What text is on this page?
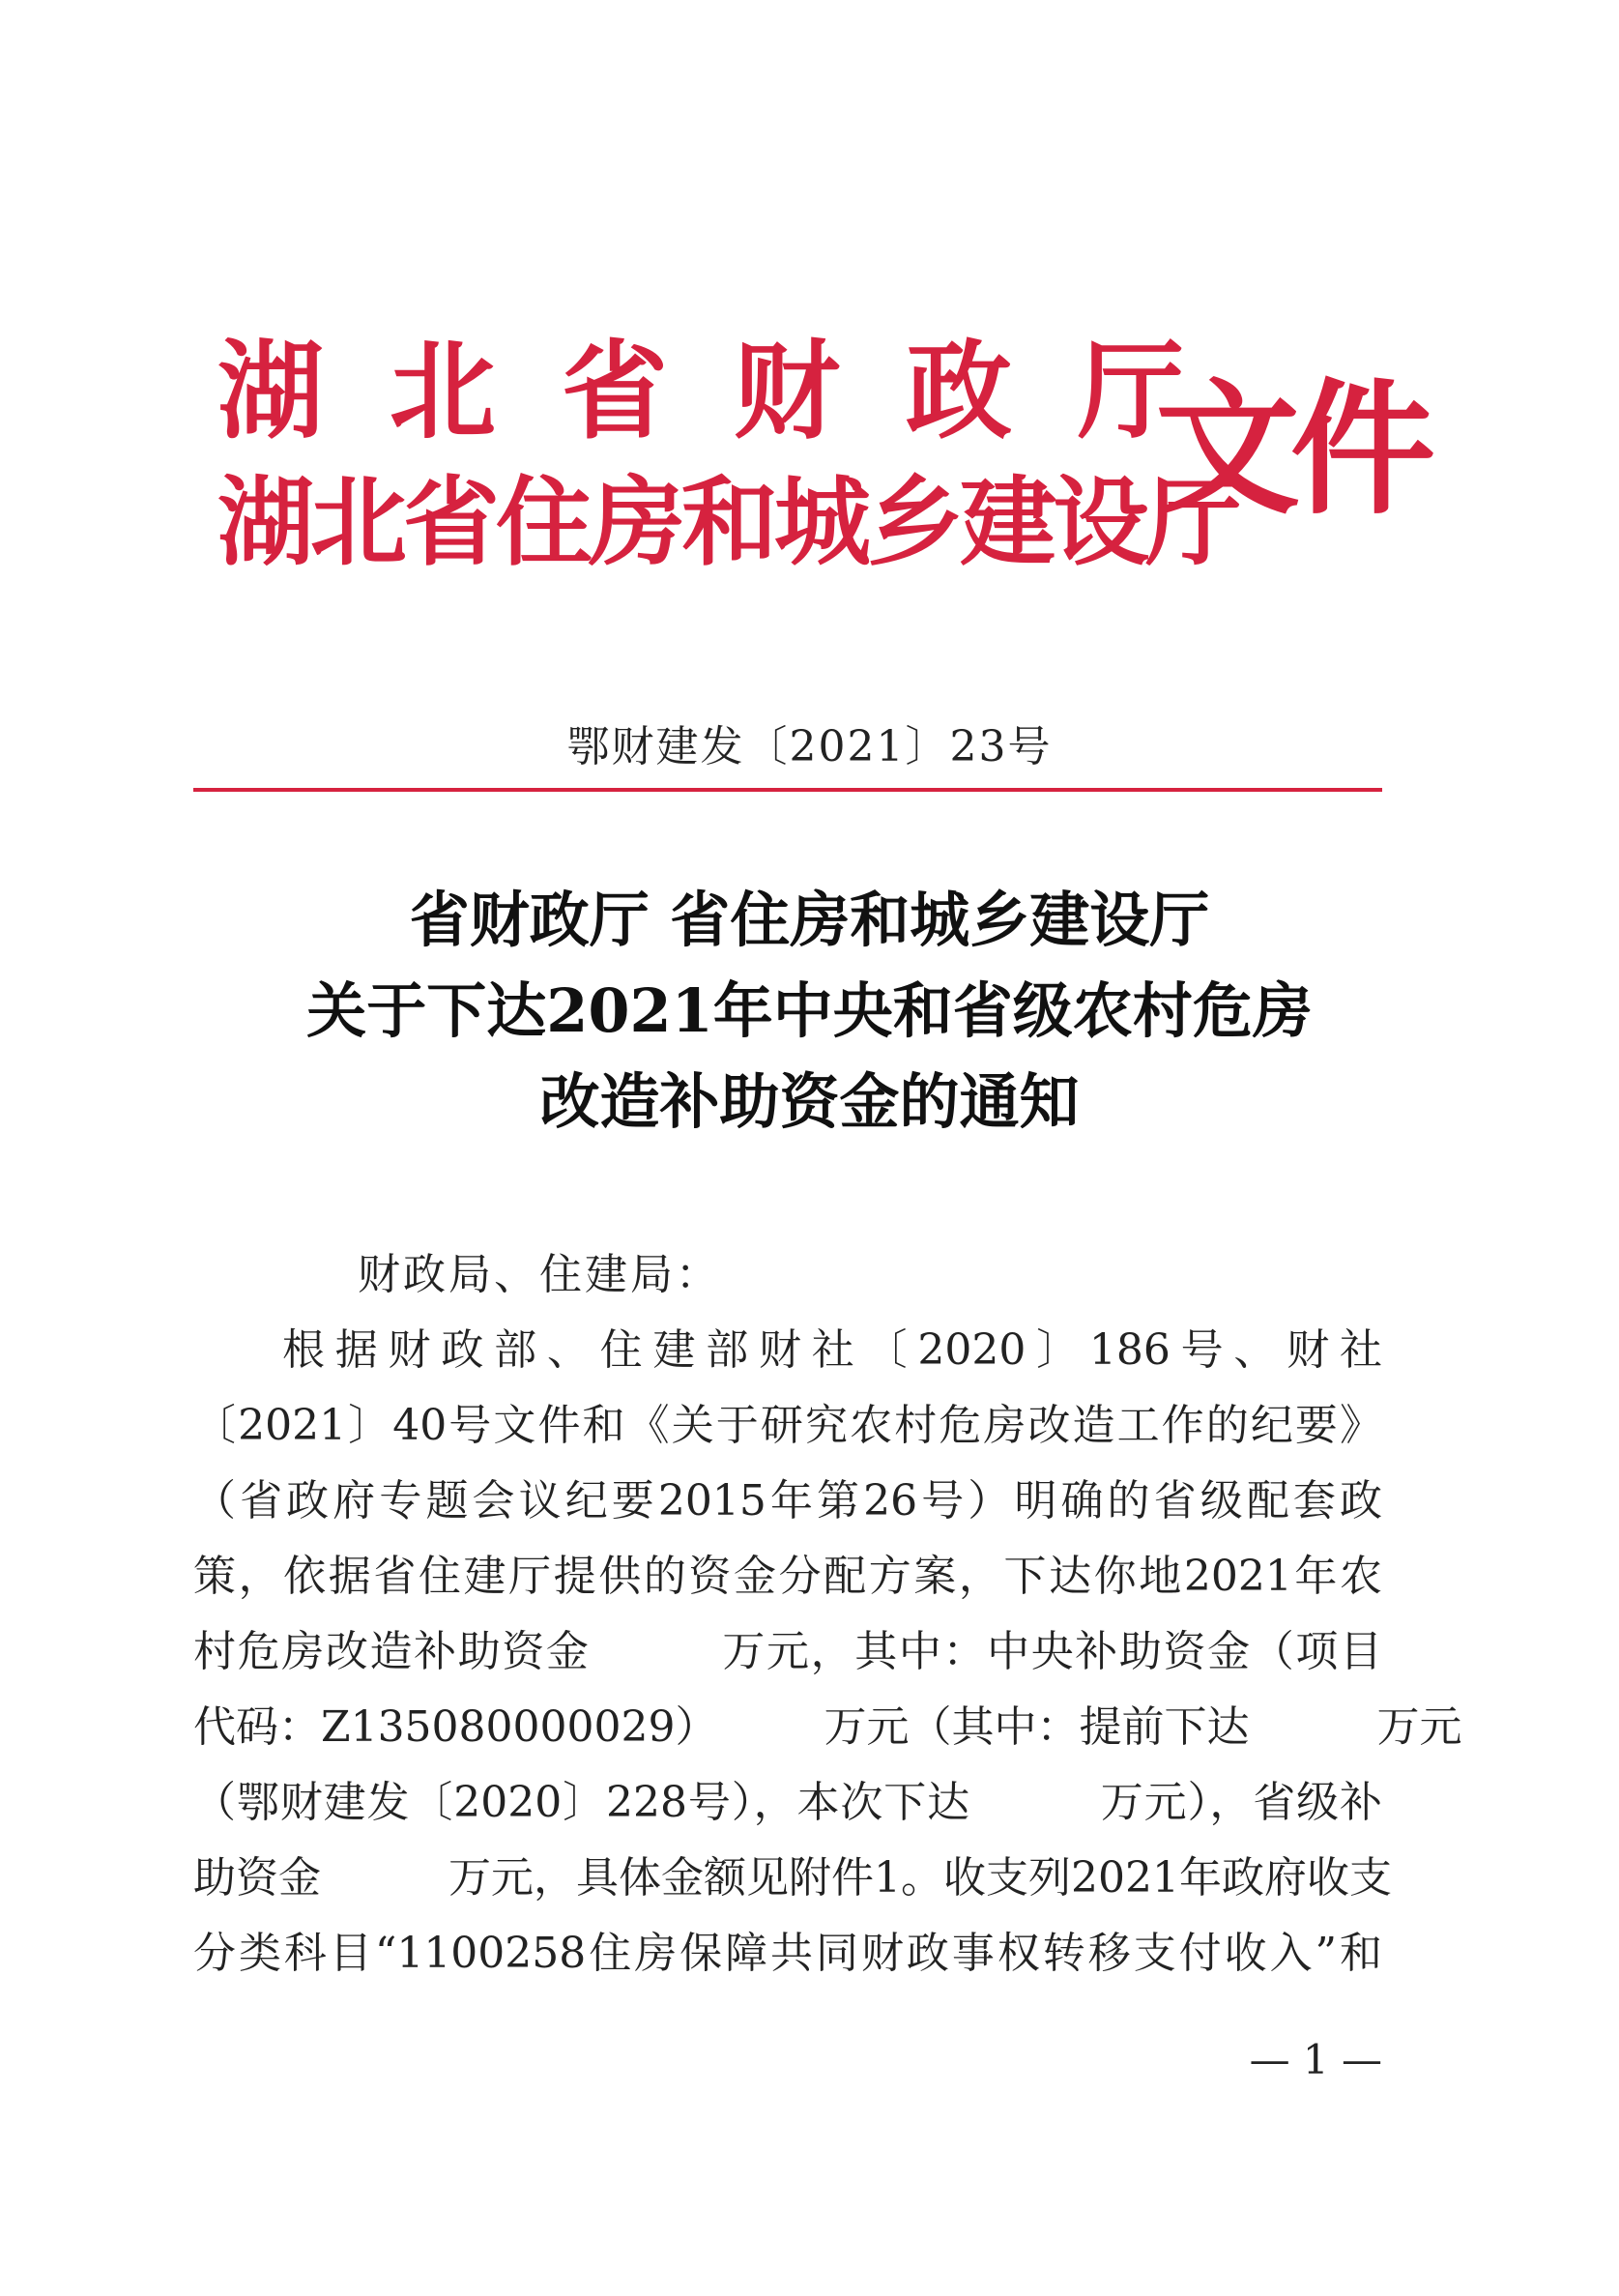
湖北省财政厅
湖北省住房和城乡建设厅
文件
鄂财建发〔2021〕23号
省财政厅 省住房和城乡建设厅
关于下达2021年中央和省级农村危房
改造补助资金的通知
财政局、住建局：
根据财政部、住建部财社〔2020〕186号、财社
〔2021〕40号文件和《关于研究农村危房改造工作的纪要》
（省政府专题会议纪要2015年第26号）明确的省级配套政
策，依据省住建厅提供的资金分配方案，下达你地2021年农
村危房改造补助资金　　　万元，其中：中央补助资金（项目
代码：Z135080000029）　　　万元（其中：提前下达　　　万元
（鄂财建发〔2020〕228号），本次下达　　　万元），省级补
助资金　　　万元，具体金额见附件1。收支列2021年政府收支
分类科目“1100258住房保障共同财政事权转移支付收入”和
— 1 —
